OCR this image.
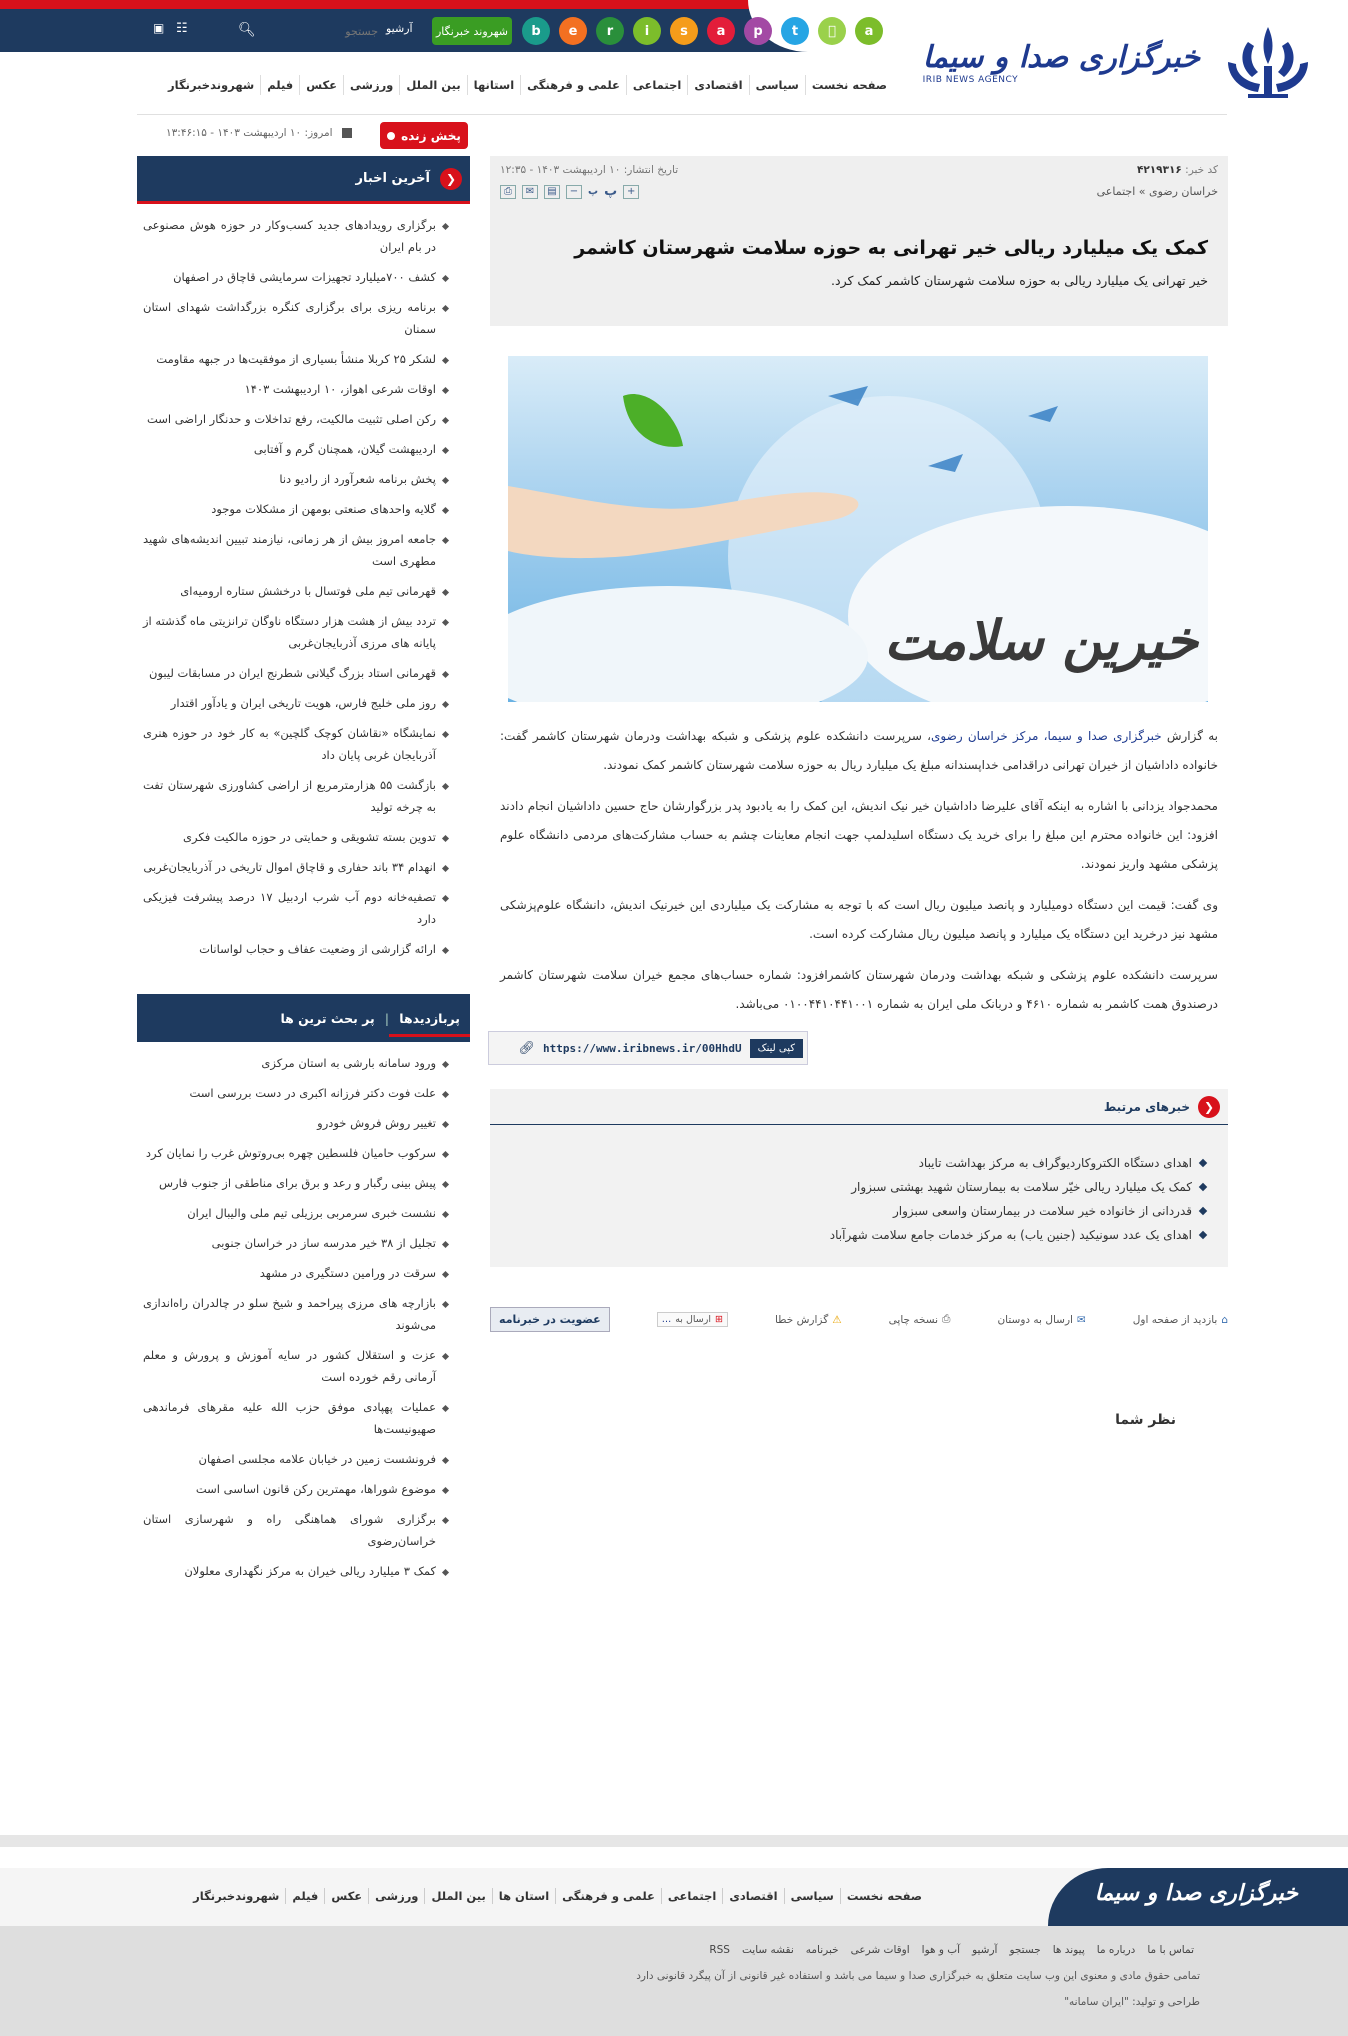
b e r i s a p t	a
شهروند خبرنگار
آرشیو
جستجو
🔍︎
☷
▣
خبرگزاری صدا و سیما
IRIB NEWS AGENCY
صفحه نخست
سیاسی
اقتصادی
اجتماعی
علمی و فرهنگی
استانها
بین الملل
ورزشی
عکس
فیلم
شهروندخبرنگار
پخش زنده
امروز: ۱۰ اردیبهشت ۱۴۰۳ - ۱۳:۴۶:۱۵
❮
آخرین اخبار
برگزاری رویدادهای جدید کسب‌وکار در حوزه هوش مصنوعی در بام ایران
کشف ۷۰۰میلیارد تجهیزات سرمایشی قاچاق در اصفهان
برنامه ریزی برای برگزاری کنگره بزرگداشت شهدای استان سمنان
لشکر ۲۵ کربلا منشأ بسیاری از موفقیت‌ها در جبهه مقاومت
اوقات شرعی اهواز، ۱۰ اردیبهشت ۱۴۰۳
رکن اصلی تثبیت مالکیت، رفع تداخلات و حدنگار اراضی است
اردیبهشت گیلان، همچنان گرم و آفتابی
پخش برنامه شعرآورد از رادیو دنا
گلایه واحدهای صنعتی بومهن از مشکلات موجود
جامعه امروز بیش از هر زمانی، نیازمند تبیین اندیشه‌های شهید مطهری است
قهرمانی تیم ملی فوتسال با درخشش ستاره ارومیه‌ای
تردد بیش از هشت هزار دستگاه ناوگان ترانزیتی ماه گذشته از پایانه های مرزی آذربایجان‌غربی
قهرمانی استاد بزرگ گیلانی شطرنج ایران در مسابقات لیبون
روز ملی خلیج فارس، هویت تاریخی ایران و یادآور اقتدار
نمایشگاه «نقاشان کوچک گلچین» به کار خود در حوزه هنری آذربایجان غربی پایان داد
بازگشت ۵۵ هزارمترمربع از اراضی کشاورزی شهرستان تفت به چرخه تولید
تدوین بسته تشویقی و حمایتی در حوزه مالکیت فکری
انهدام ۳۴ باند حفاری و قاچاق اموال تاریخی در آذربایجان‌غربی
تصفیه‌خانه دوم آب شرب اردبیل ۱۷ درصد پیشرفت فیزیکی دارد
ارائه گزارشی از وضعیت عفاف و حجاب لواسانات
پربازدیدها
|
پر بحث ترین ها
ورود سامانه بارشی به استان مرکزی
علت فوت دکتر فرزانه اکبری در دست بررسی است
تغییر روش فروش خودرو
سرکوب حامیان فلسطین چهره بی‌روتوش غرب را نمایان کرد
پیش بینی رگبار و رعد و برق برای مناطقی از جنوب فارس
نشست خبری سرمربی برزیلی تیم ملی والیبال ایران
تجلیل از ۳۸ خیر مدرسه ساز در خراسان جنوبی
سرقت در ورامین دستگیری در مشهد
بازارچه های مرزی پیراحمد و شیخ سلو در چالدران راه‌اندازی می‌شوند
عزت و استقلال کشور در سایه آموزش و پرورش و معلم آرمانی رقم خورده است
عملیات پهپادی موفق حزب الله علیه مقرهای فرماندهی صهیونیست‌ها
فرونشست زمین در خیابان علامه مجلسی اصفهان
موضوع شوراها، مهمترین رکن قانون اساسی است
برگزاری شورای هماهنگی راه و شهرسازی استان خراسان‌رضوی
کمک ۳ میلیارد ریالی خیران به مرکز نگهداری معلولان
کد خبر: ۴۲۱۹۳۱۶
تاریخ انتشار: ۱۰ اردیبهشت ۱۴۰۳ - ۱۲:۳۵
خراسان رضوی » اجتماعی
⎙	✉	▤	− پ پ +
کمک یک میلیارد ریالی خیر تهرانی به حوزه سلامت شهرستان کاشمر

خیر تهرانی یک میلیارد ریالی به حوزه سلامت شهرستان کاشمر کمک کرد.

خیرین سلامت

به گزارش خبرگزاری صدا و سیما، مرکز خراسان رضوی، سرپرست دانشکده علوم پزشکی و شبکه بهداشت ودرمان شهرستان کاشمر گفت: خانواده داداشیان از خیران تهرانی دراقدامی خداپسندانه مبلغ یک میلیارد ریال به حوزه سلامت شهرستان کاشمر کمک نمودند.

محمدجواد یزدانی با اشاره به اینکه آقای علیرضا داداشیان خیر نیک اندیش، این کمک را به یادبود پدر بزرگوارشان حاج حسین داداشیان انجام دادند افزود: این خانواده محترم این مبلغ را برای خرید یک دستگاه اسلیدلمپ جهت انجام معاینات چشم به حساب مشارکت‌های مردمی دانشگاه علوم پزشکی مشهد واریز نمودند.

وی گفت: قیمت این دستگاه دومیلیارد و پانصد میلیون ریال است که با توجه به مشارکت یک میلیاردی این خیرنیک اندیش، دانشگاه علوم‌پزشکی مشهد نیز درخرید این دستگاه یک میلیارد و پانصد میلیون ریال مشارکت کرده است.

سرپرست دانشکده علوم پزشکی و شبکه بهداشت ودرمان شهرستان کاشمرافزود: شماره حساب‌های مجمع خیران سلامت شهرستان کاشمر درصندوق همت کاشمر به شماره ۴۶۱۰ و دربانک ملی ایران به شماره ۰۱۰۰۴۴۱۰۴۴۱۰۰۱ می‌باشد.

کپی لینک
https://www.iribnews.ir/00HhdU
🔗︎
❮
خبرهای مرتبط
اهدای دستگاه الکتروکاردیوگراف به مرکز بهداشت تایباد
کمک یک میلیارد ریالی خیّر سلامت به بیمارستان شهید بهشتی سبزوار
قدردانی از خانواده خیر سلامت در بیمارستان واسعی سبزوار
اهدای یک عدد سونیکید (جنین یاب) به مرکز خدمات جامع سلامت شهرآباد
⌂
بازدید از صفحه اول
✉
ارسال به دوستان
⎙
نسخه چاپی
⚠
گزارش خطا
⊞
ارسال به
…
عضویت در خبرنامه
نظر شما
خبرگزاری صدا و سیما
صفحه نخست
سیاسی
اقتصادی
اجتماعی
علمی و فرهنگی
استان ها
بین الملل
ورزشی
عکس
فیلم
شهروندخبرنگار
تماس با ما
درباره ما
پیوند ها
جستجو
آرشیو
آب و هوا
اوقات شرعی
خبرنامه
نقشه سایت
RSS
تمامی حقوق مادی و معنوی این وب سایت متعلق به خبرگزاری صدا و سیما می باشد و استفاده غیر قانونی از آن پیگرد قانونی دارد
طراحی و تولید: "ایران سامانه"
